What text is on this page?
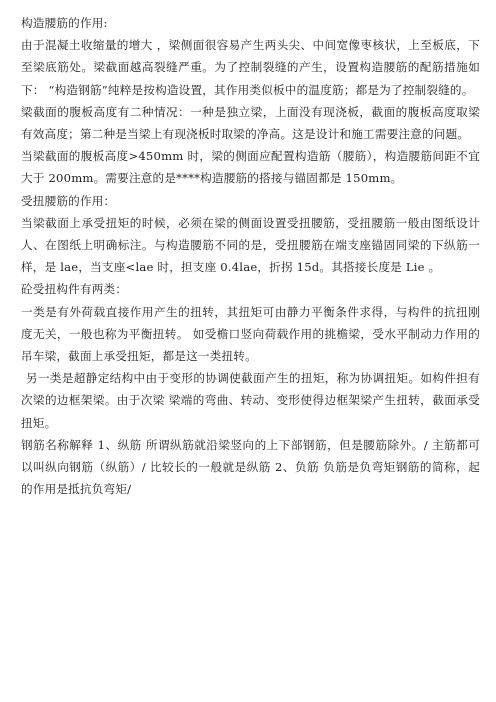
构造腰筋的作用:

由于混凝土收缩量的增大 ，梁侧面很容易产生两头尖、中间宽像枣核状，上至板底，下至梁底筋处。梁截面越高裂缝严重。为了控制裂缝的产生，设置构造腰筋的配筋措施如下： “构造钢筋”纯粹是按构造设置，其作用类似板中的温度筋；都是为了控制裂缝的。

梁截面的腹板高度有二种情况：一种是独立梁，上面没有现浇板，截面的腹板高度取梁有效高度；第二种是当梁上有现浇板时取梁的净高。这是设计和施工需要注意的问题。

当梁截面的腹板高度>450mm 时，梁的侧面应配置构造筋（腰筋），构造腰筋间距不宜大于 200mm。需要注意的是****构造腰筋的搭接与锚固都是 150mm。

受扭腰筋的作用：

当梁截面上承受扭矩的时候，必须在梁的侧面设置受扭腰筋，受扭腰筋一般由图纸设计人、在图纸上明确标注。与构造腰筋不同的是，受扭腰筋在端支座锚固同梁的下纵筋一样，是 lae，当支座<lae 时，担支座 0.4lae，折拐 15d。其搭接长度是 Lie 。

砼受扭构件有两类：

一类是有外荷载直接作用产生的扭转，其扭矩可由静力平衡条件求得，与构件的抗扭刚度无关，一般也称为平衡扭转。 如受檐口竖向荷载作用的挑檐梁，受水平制动力作用的吊车梁，截面上承受扭矩，都是这一类扭转。

另一类是超静定结构中由于变形的协调使截面产生的扭矩，称为协调扭矩。如构件担有次梁的边框架梁。由于次梁 梁端的弯曲、转动、变形使得边框架梁产生扭转，截面承受扭矩。

钢筋名称解释 1、纵筋 所谓纵筋就沿梁竖向的上下部钢筋，但是腰筋除外。/ 主筋都可以叫纵向钢筋（纵筋）/ 比较长的一般就是纵筋 2、负筋 负筋是负弯矩钢筋的简称，起的作用是抵抗负弯矩/
